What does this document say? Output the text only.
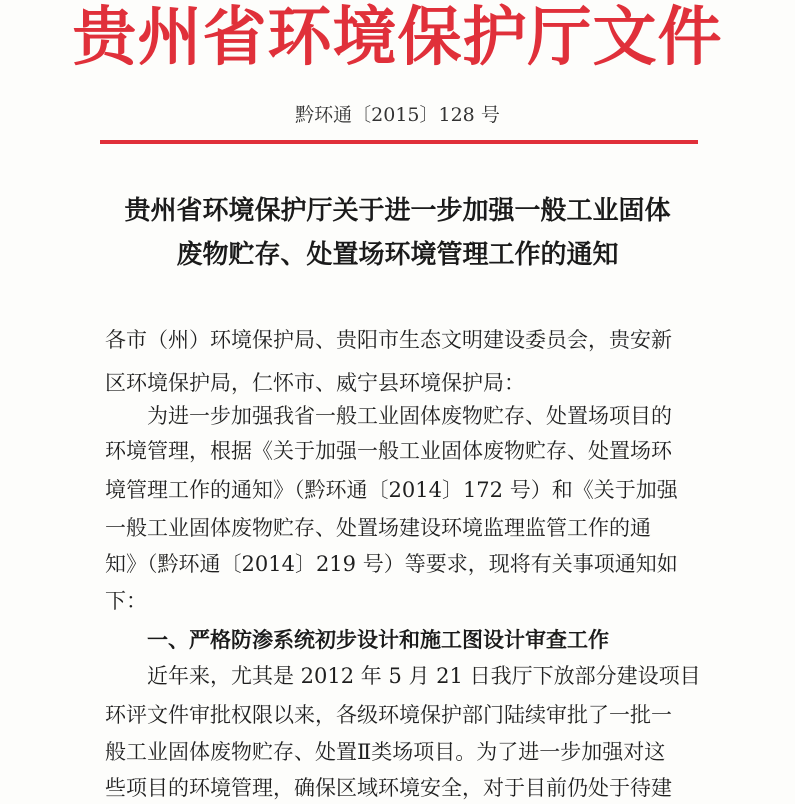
贵州省环境保护厅文件
黔环通〔2015〕128 号
贵州省环境保护厅关于进一步加强一般工业固体
废物贮存、处置场环境管理工作的通知
各市（州）环境保护局、贵阳市生态文明建设委员会，贵安新
区环境保护局，仁怀市、威宁县环境保护局：
为进一步加强我省一般工业固体废物贮存、处置场项目的
环境管理，根据《关于加强一般工业固体废物贮存、处置场环
境管理工作的通知》（黔环通〔2014〕172 号）和《关于加强
一般工业固体废物贮存、处置场建设环境监理监管工作的通
知》（黔环通〔2014〕219 号）等要求，现将有关事项通知如
下：
一、严格防渗系统初步设计和施工图设计审查工作
近年来，尤其是 2012 年 5 月 21 日我厅下放部分建设项目
环评文件审批权限以来，各级环境保护部门陆续审批了一批一
般工业固体废物贮存、处置Ⅱ类场项目。为了进一步加强对这
些项目的环境管理，确保区域环境安全，对于目前仍处于待建
